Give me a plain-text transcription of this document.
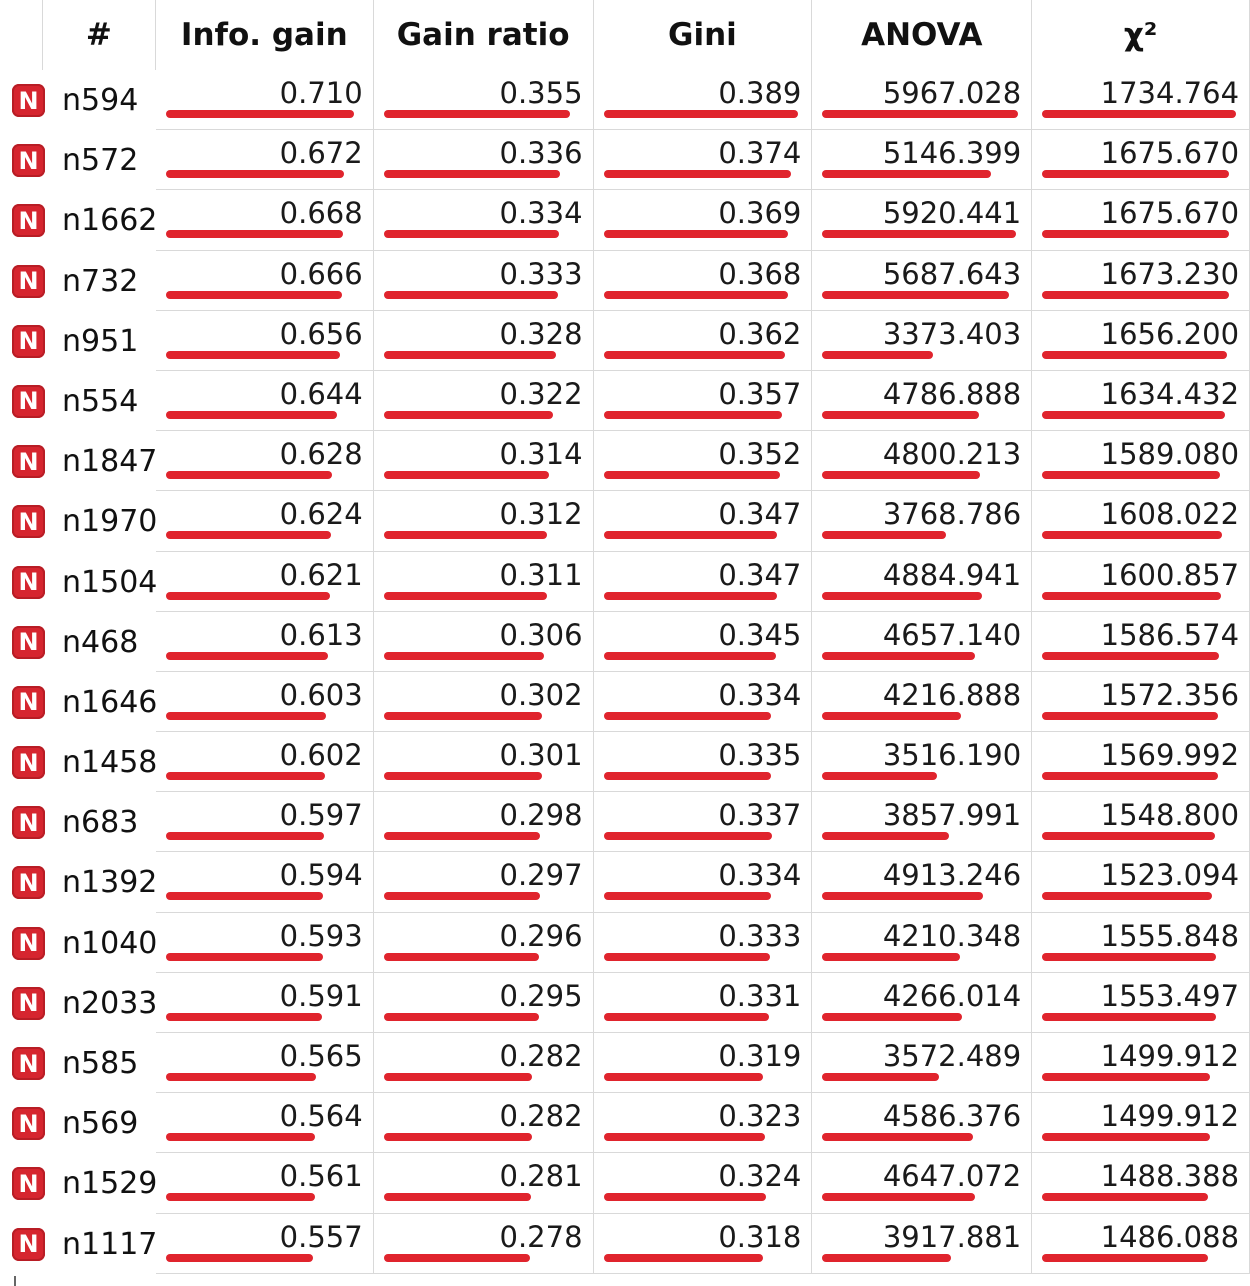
#	Info. gain	Gain ratio	Gini	ANOVA	χ²
N n594	0.710	0.355	0.389	5967.028	1734.764
N n572	0.672	0.336	0.374	5146.399	1675.670
N n1662	0.668	0.334	0.369	5920.441	1675.670
N n732	0.666	0.333	0.368	5687.643	1673.230
N n951	0.656	0.328	0.362	3373.403	1656.200
N n554	0.644	0.322	0.357	4786.888	1634.432
N n1847	0.628	0.314	0.352	4800.213	1589.080
N n1970	0.624	0.312	0.347	3768.786	1608.022
N n1504	0.621	0.311	0.347	4884.941	1600.857
N n468	0.613	0.306	0.345	4657.140	1586.574
N n1646	0.603	0.302	0.334	4216.888	1572.356
N n1458	0.602	0.301	0.335	3516.190	1569.992
N n683	0.597	0.298	0.337	3857.991	1548.800
N n1392	0.594	0.297	0.334	4913.246	1523.094
N n1040	0.593	0.296	0.333	4210.348	1555.848
N n2033	0.591	0.295	0.331	4266.014	1553.497
N n585	0.565	0.282	0.319	3572.489	1499.912
N n569	0.564	0.282	0.323	4586.376	1499.912
N n1529	0.561	0.281	0.324	4647.072	1488.388
N n1117	0.557	0.278	0.318	3917.881	1486.088
